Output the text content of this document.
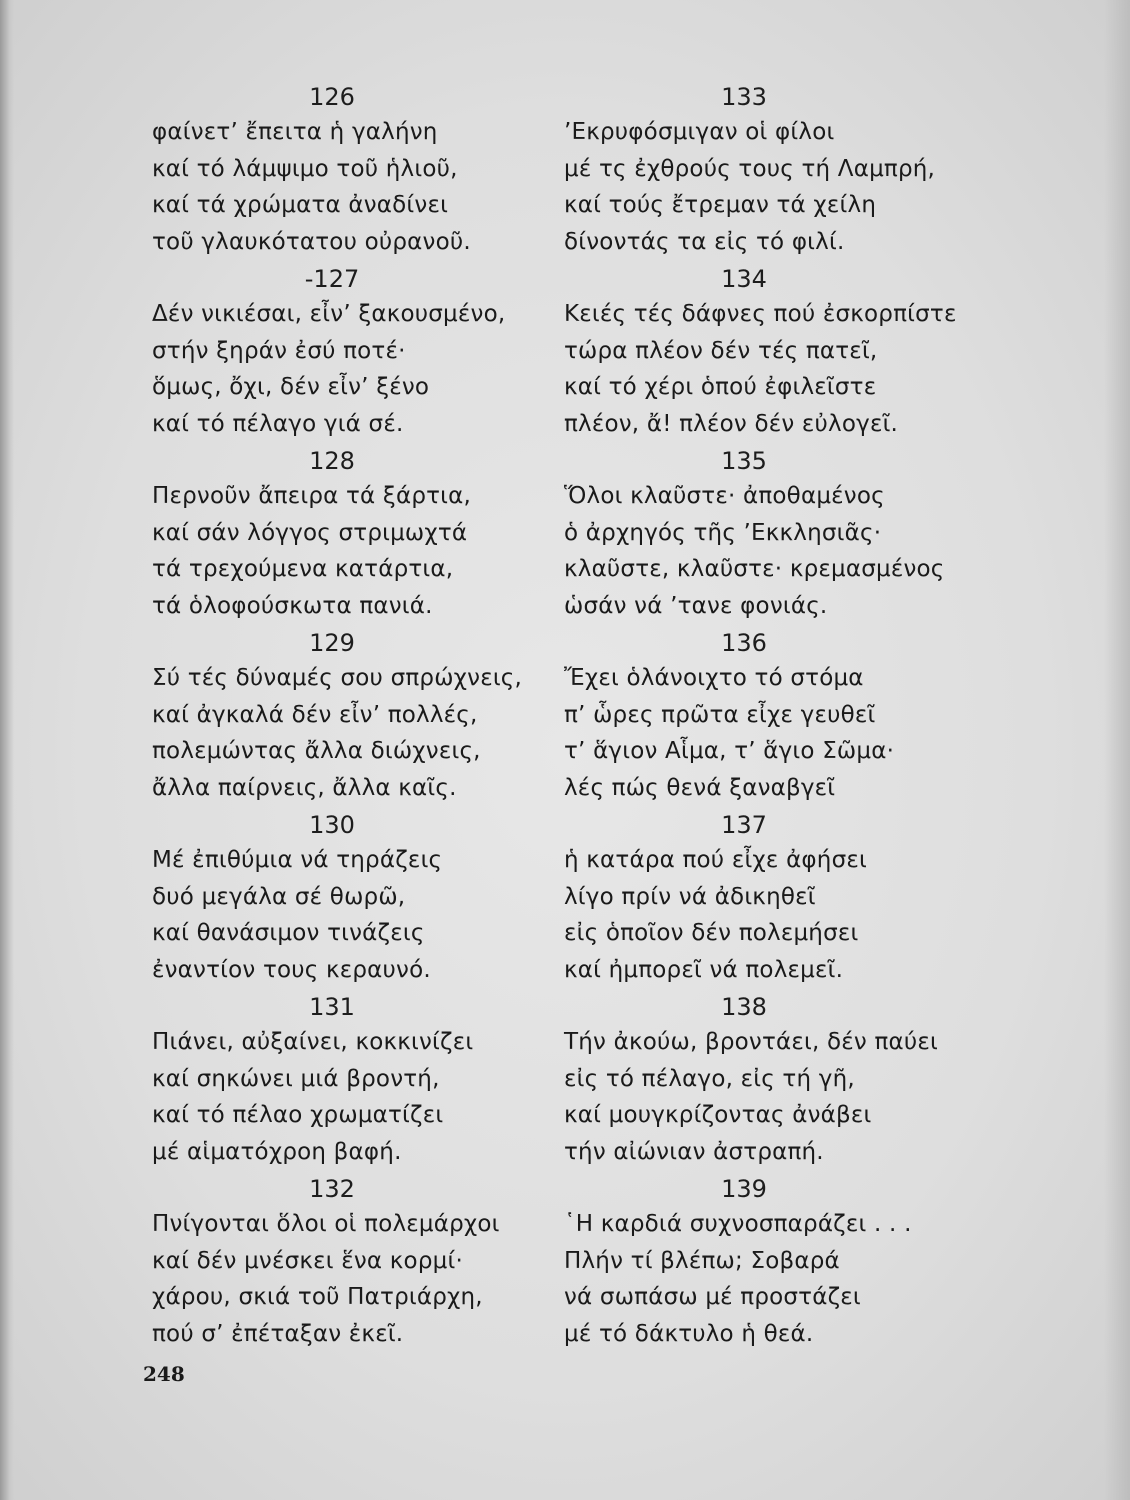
126
φαίνετ’ ἔπειτα ἡ γαλήνη
καί τό λάμψιμο τοῦ ἡλιοῦ,
καί τά χρώματα ἀναδίνει
τοῦ γλαυκότατου οὐρανοῦ.
-127
Δέν νικιέσαι, εἶν’ ξακουσμένο,
στήν ξηράν ἐσύ ποτέ·
ὅμως, ὄχι, δέν εἶν’ ξένο
καί τό πέλαγο γιά σέ.
128
Περνοῦν ἄπειρα τά ξάρτια,
καί σάν λόγγος στριμωχτά
τά τρεχούμενα κατάρτια,
τά ὁλοφούσκωτα πανιά.
129
Σύ τές δύναμές σου σπρώχνεις,
καί ἀγκαλά δέν εἶν’ πολλές,
πολεμώντας ἄλλα διώχνεις,
ἄλλα παίρνεις, ἄλλα καῖς.
130
Μέ ἐπιθύμια νά τηράζεις
δυό μεγάλα σέ θωρῶ,
καί θανάσιμον τινάζεις
ἐναντίον τους κεραυνό.
131
Πιάνει, αὐξαίνει, κοκκινίζει
καί σηκώνει μιά βροντή,
καί τό πέλαο χρωματίζει
μέ αἱματόχροη βαφή.
132
Πνίγονται ὅλοι οἱ πολεμάρχοι
καί δέν μνέσκει ἕνα κορμί·
χάρου, σκιά τοῦ Πατριάρχη,
πού σ’ ἐπέταξαν ἐκεῖ.
133
’Εκρυφόσμιγαν οἱ φίλοι
μέ τς ἐχθρούς τους τή Λαμπρή,
καί τούς ἔτρεμαν τά χείλη
δίνοντάς τα εἰς τό φιλί.
134
Κειές τές δάφνες πού ἐσκορπίστε
τώρα πλέον δέν τές πατεῖ,
καί τό χέρι ὁπού ἐφιλεῖστε
πλέον, ἄ! πλέον δέν εὐλογεῖ.
135
Ὅλοι κλαῦστε· ἀποθαμένος
ὁ ἀρχηγός τῆς ’Εκκλησιᾶς·
κλαῦστε, κλαῦστε· κρεμασμένος
ὡσάν νά ’τανε φονιάς.
136
Ἔχει ὁλάνοιχτο τό στόμα
π’ ὧρες πρῶτα εἶχε γευθεῖ
τ’ ἅγιον Αἷμα, τ’ ἅγιο Σῶμα·
λές πώς θενά ξαναβγεῖ
137
ἡ κατάρα πού εἶχε ἀφήσει
λίγο πρίν νά ἀδικηθεῖ
εἰς ὁποῖον δέν πολεμήσει
καί ἠμπορεῖ νά πολεμεῖ.
138
Τήν ἀκούω, βροντάει, δέν παύει
εἰς τό πέλαγο, εἰς τή γῆ,
καί μουγκρίζοντας ἀνάβει
τήν αἰώνιαν ἀστραπή.
139
῾Η καρδιά συχνοσπαράζει . . .
Πλήν τί βλέπω; Σοβαρά
νά σωπάσω μέ προστάζει
μέ τό δάκτυλο ἡ θεά.
248
